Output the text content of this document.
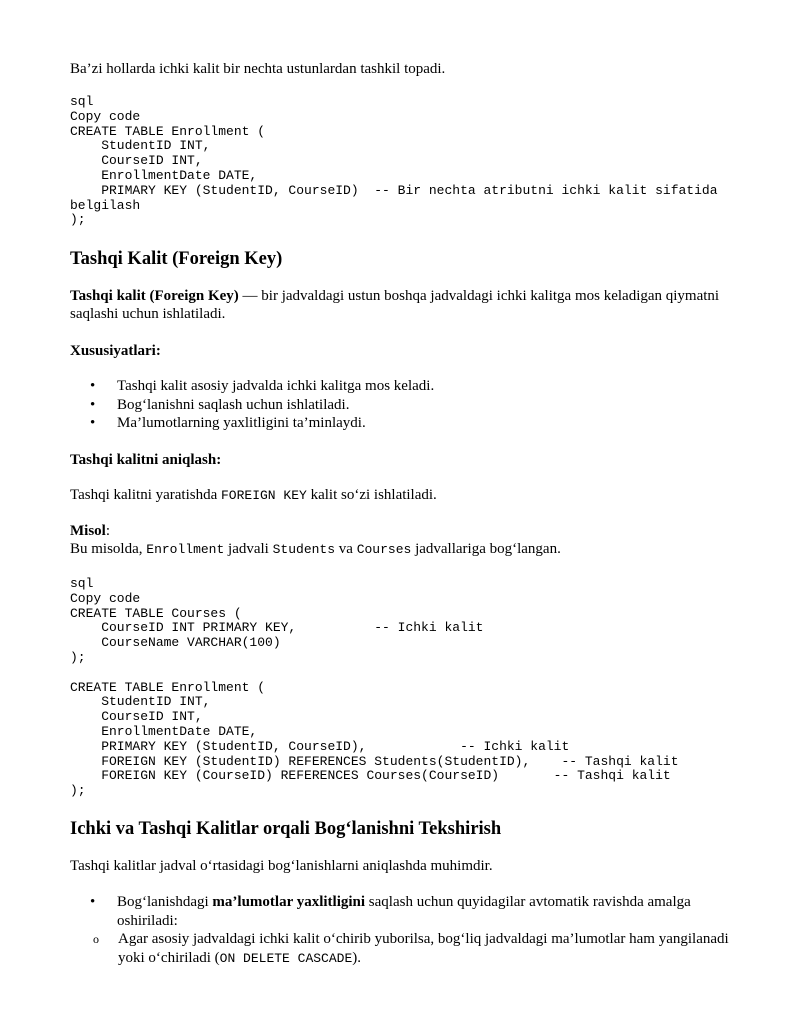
Ba’zi hollarda ichki kalit bir nechta ustunlardan tashkil topadi.

sql
Copy code
CREATE TABLE Enrollment (
StudentID INT,
CourseID INT,
EnrollmentDate DATE,
PRIMARY KEY (StudentID, CourseID)  -- Bir nechta atributni ichki kalit sifatida
belgilash
);
Tashqi Kalit (Foreign Key)

Tashqi kalit (Foreign Key) — bir jadvaldagi ustun boshqa jadvaldagi ichki kalitga mos keladigan qiymatni saqlashi uchun ishlatiladi.

Xususiyatlari:

• Tashqi kalit asosiy jadvalda ichki kalitga mos keladi.
• Bog‘lanishni saqlash uchun ishlatiladi.
• Ma’lumotlarning yaxlitligini ta’minlaydi.

Tashqi kalitni aniqlash:

Tashqi kalitni yaratishda FOREIGN KEY kalit so‘zi ishlatiladi.

Misol:

Bu misolda, Enrollment jadvali Students va Courses jadvallariga bog‘langan.

sql
Copy code
CREATE TABLE Courses (
CourseID INT PRIMARY KEY,          -- Ichki kalit
CourseName VARCHAR(100)
);

CREATE TABLE Enrollment (
StudentID INT,
CourseID INT,
EnrollmentDate DATE,
PRIMARY KEY (StudentID, CourseID),            -- Ichki kalit
FOREIGN KEY (StudentID) REFERENCES Students(StudentID),    -- Tashqi kalit
FOREIGN KEY (CourseID) REFERENCES Courses(CourseID)       -- Tashqi kalit
);
Ichki va Tashqi Kalitlar orqali Bog‘lanishni Tekshirish

Tashqi kalitlar jadval o‘rtasidagi bog‘lanishlarni aniqlashda muhimdir.

• Bog‘lanishdagi ma’lumotlar yaxlitligini saqlash uchun quyidagilar avtomatik ravishda amalga oshiriladi:
o Agar asosiy jadvaldagi ichki kalit o‘chirib yuborilsa, bog‘liq jadvaldagi ma’lumotlar ham yangilanadi yoki o‘chiriladi (ON DELETE CASCADE).
